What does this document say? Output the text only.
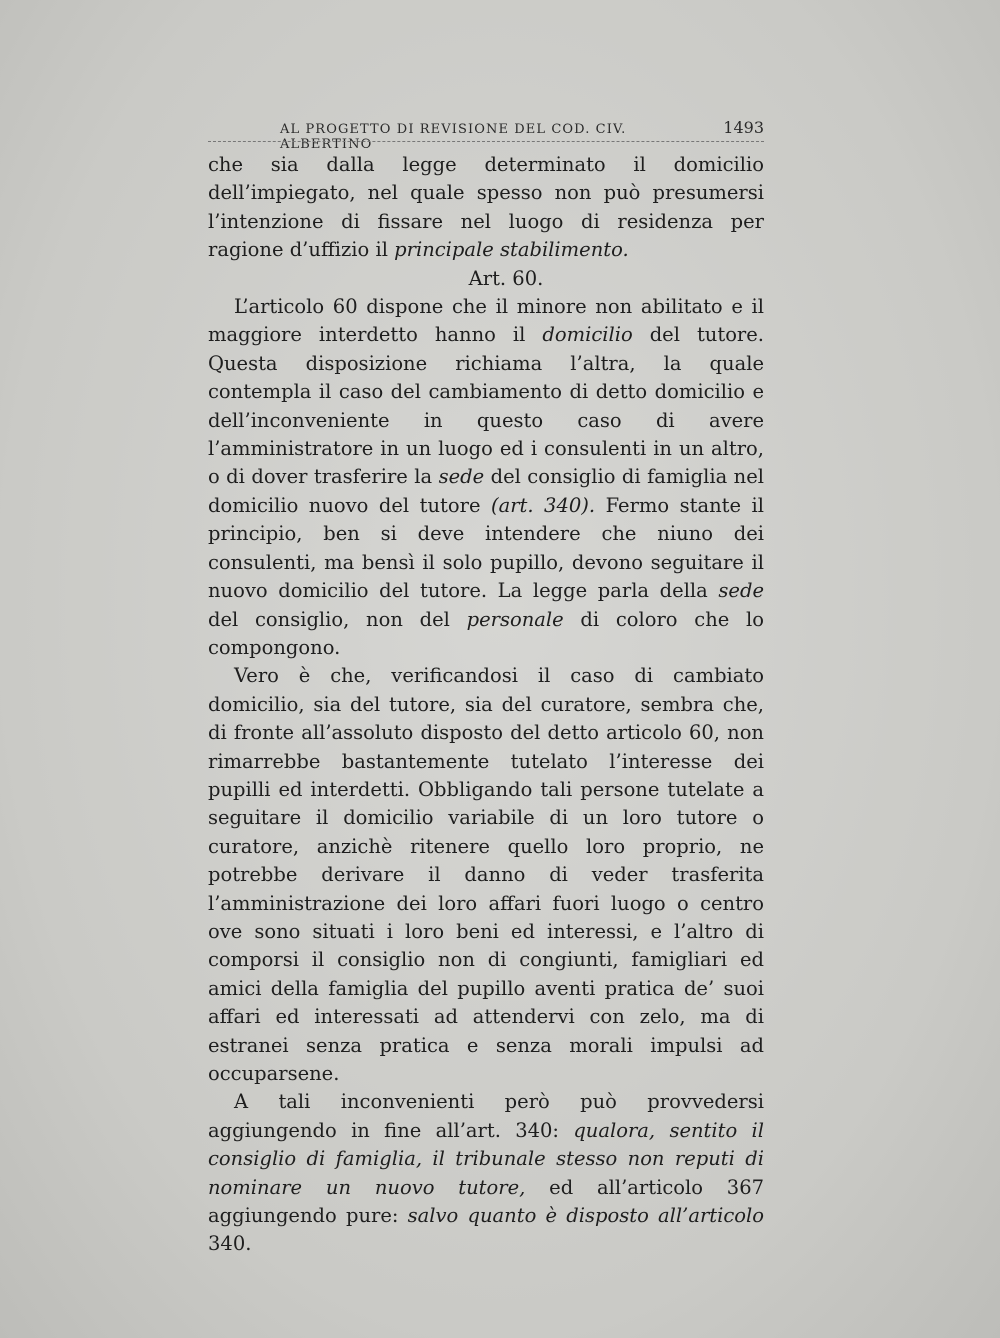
AL PROGETTO DI REVISIONE DEL COD. CIV. ALBERTINO
1493

che sia dalla legge determinato il domicilio dell’impiegato, nel quale spesso non può presumersi l’intenzione di fissare nel luogo di residenza per ragione d’uffizio il principale stabilimento.

Art. 60.

L’articolo 60 dispone che il minore non abilitato e il maggiore interdetto hanno il domicilio del tutore. Questa disposizione richiama l’altra, la quale contempla il caso del cambiamento di detto domicilio e dell’inconveniente in questo caso di avere l’amministratore in un luogo ed i consulenti in un altro, o di dover trasferire la sede del consiglio di famiglia nel domicilio nuovo del tutore (art. 340). Fermo stante il principio, ben si deve intendere che niuno dei consulenti, ma bensì il solo pupillo, devono seguitare il nuovo domicilio del tutore. La legge parla della sede del consiglio, non del personale di coloro che lo compongono.

Vero è che, verificandosi il caso di cambiato domicilio, sia del tutore, sia del curatore, sembra che, di fronte all’assoluto disposto del detto articolo 60, non rimarrebbe bastantemente tutelato l’interesse dei pupilli ed interdetti. Obbligando tali persone tutelate a seguitare il domicilio variabile di un loro tutore o curatore, anzichè ritenere quello loro proprio, ne potrebbe derivare il danno di veder trasferita l’amministrazione dei loro affari fuori luogo o centro ove sono situati i loro beni ed interessi, e l’altro di comporsi il consiglio non di congiunti, famigliari ed amici della famiglia del pupillo aventi pratica de’ suoi affari ed interessati ad attendervi con zelo, ma di estranei senza pratica e senza morali impulsi ad occuparsene.

A tali inconvenienti però può provvedersi aggiungendo in fine all’art. 340: qualora, sentito il consiglio di famiglia, il tribunale stesso non reputi di nominare un nuovo tutore, ed all’articolo 367 aggiungendo pure: salvo quanto è disposto all’articolo 340.
